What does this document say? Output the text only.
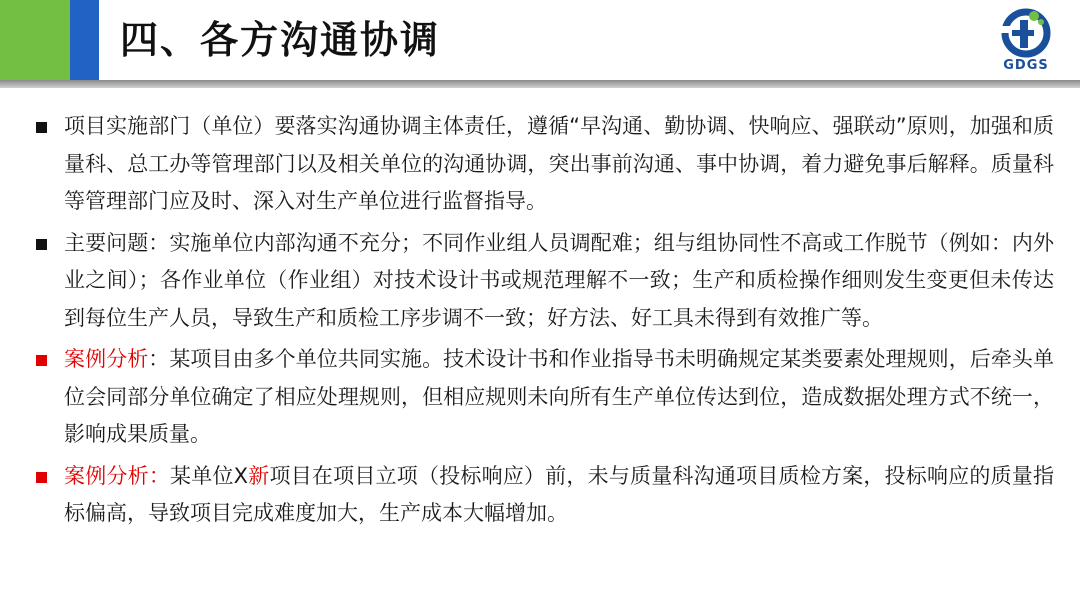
四、各方沟通协调
GDGS
项目实施部门（单位）要落实沟通协调主体责任，遵循“早沟通、勤协调、快响应、强联动”原则，加强和质量科、总工办等管理部门以及相关单位的沟通协调，突出事前沟通、事中协调，着力避免事后解释。质量科等管理部门应及时、深入对生产单位进行监督指导。
主要问题：实施单位内部沟通不充分；不同作业组人员调配难；组与组协同性不高或工作脱节（例如：内外业之间）；各作业单位（作业组）对技术设计书或规范理解不一致；生产和质检操作细则发生变更但未传达到每位生产人员，导致生产和质检工序步调不一致；好方法、好工具未得到有效推广等。
案例分析：某项目由多个单位共同实施。技术设计书和作业指导书未明确规定某类要素处理规则，后牵头单位会同部分单位确定了相应处理规则，但相应规则未向所有生产单位传达到位，造成数据处理方式不统一，影响成果质量。
案例分析：某单位X新项目在项目立项（投标响应）前，未与质量科沟通项目质检方案，投标响应的质量指标偏高，导致项目完成难度加大，生产成本大幅增加。
